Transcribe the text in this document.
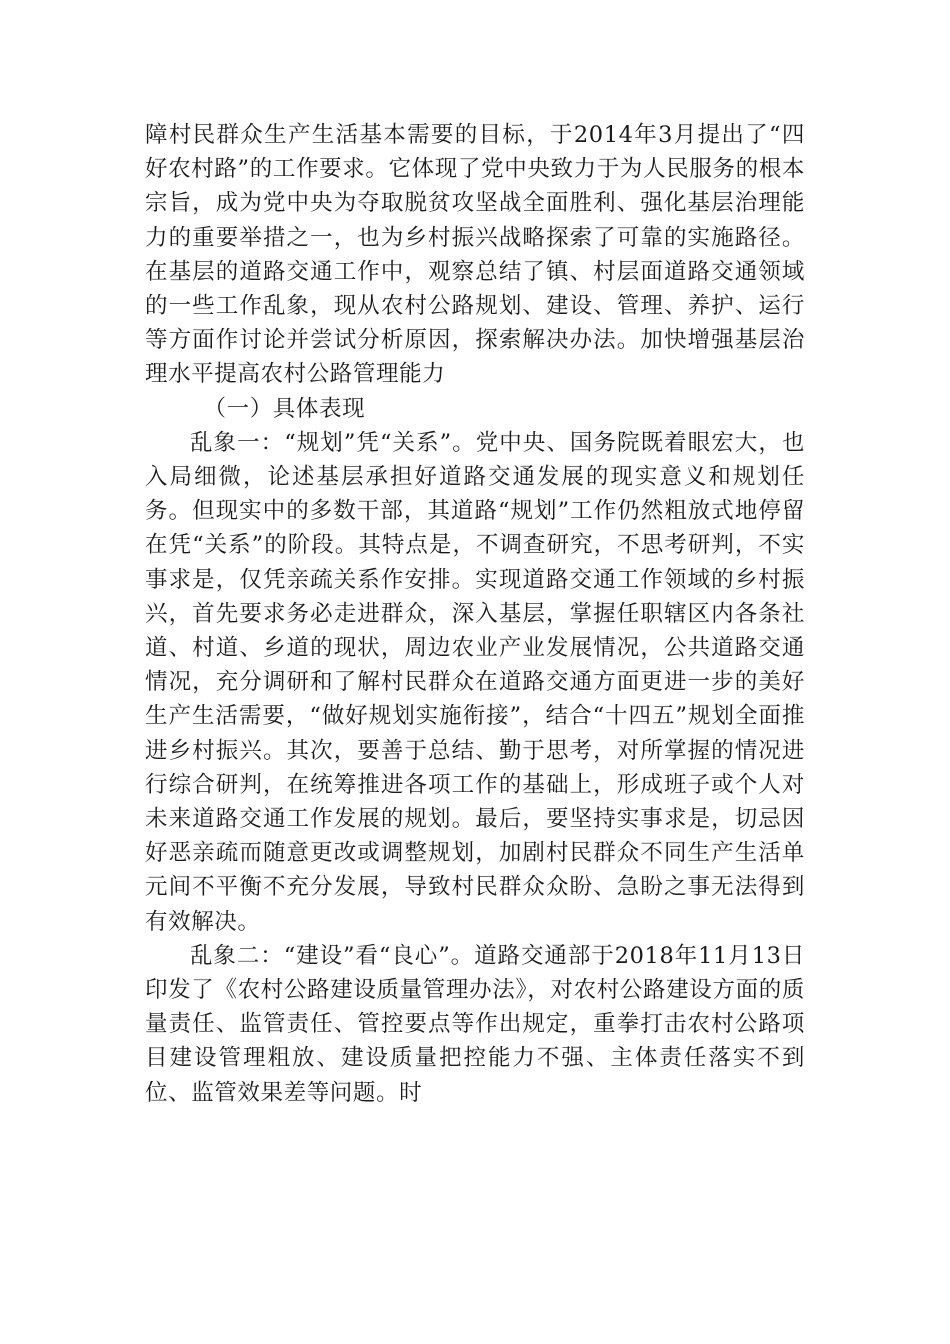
障村民群众生产生活基本需要的目标，于2014年3月提出了“四好农村路”的工作要求。它体现了党中央致力于为人民服务的根本宗旨，成为党中央为夺取脱贫攻坚战全面胜利、强化基层治理能力的重要举措之一，也为乡村振兴战略探索了可靠的实施路径。在基层的道路交通工作中，观察总结了镇、村层面道路交通领域的一些工作乱象，现从农村公路规划、建设、管理、养护、运行等方面作讨论并尝试分析原因，探索解决办法。加快增强基层治理水平提高农村公路管理能力

（一）具体表现

乱象一：“规划”凭“关系”。党中央、国务院既着眼宏大，也入局细微，论述基层承担好道路交通发展的现实意义和规划任务。但现实中的多数干部，其道路“规划”工作仍然粗放式地停留在凭“关系”的阶段。其特点是，不调查研究，不思考研判，不实事求是，仅凭亲疏关系作安排。实现道路交通工作领域的乡村振兴，首先要求务必走进群众，深入基层，掌握任职辖区内各条社道、村道、乡道的现状，周边农业产业发展情况，公共道路交通情况，充分调研和了解村民群众在道路交通方面更进一步的美好生产生活需要，“做好规划实施衔接”，结合“十四五”规划全面推进乡村振兴。其次，要善于总结、勤于思考，对所掌握的情况进行综合研判，在统筹推进各项工作的基础上，形成班子或个人对未来道路交通工作发展的规划。最后，要坚持实事求是，切忌因好恶亲疏而随意更改或调整规划，加剧村民群众不同生产生活单元间不平衡不充分发展，导致村民群众众盼、急盼之事无法得到有效解决。

乱象二：“建设”看“良心”。道路交通部于2018年11月13日印发了《农村公路建设质量管理办法》，对农村公路建设方面的质量责任、监管责任、管控要点等作出规定，重拳打击农村公路项目建设管理粗放、建设质量把控能力不强、主体责任落实不到位、监管效果差等问题。时
